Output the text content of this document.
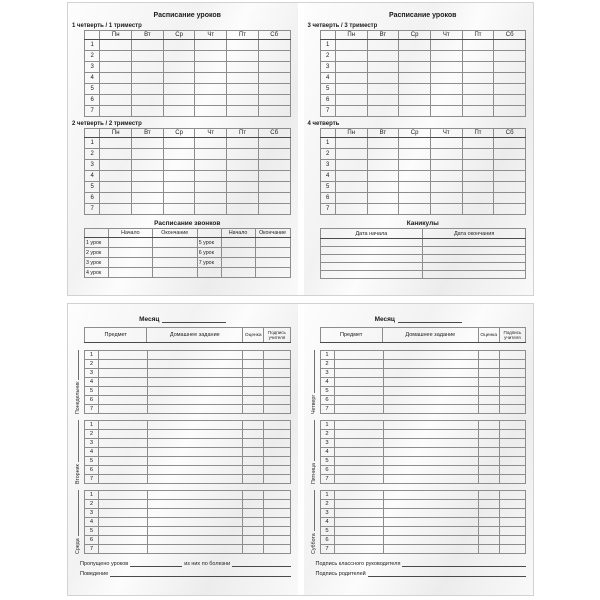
Расписание уроков
1 четверть / 1 триместр
	Пн	Вт	Ср	Чт	Пт	Сб
1						
2						
3						
4						
5						
6						
7						
2 четверть / 2 триместр
	Пн	Вт	Ср	Чт	Пт	Сб
1						
2						
3						
4						
5						
6						
7						
Расписание звонков
	Начало	Окончание		Начало	Окончание
1 урок			5 урок		
2 урок			6 урок		
3 урок			7 урок		
4 урок					
Расписание уроков
3 четверть / 3 триместр
	Пн	Вт	Ср	Чт	Пт	Сб
1						
2						
3						
4						
5						
6						
7						
4 четверть
	Пн	Вт	Ср	Чт	Пт	Сб
1						
2						
3						
4						
5						
6						
7						
Каникулы
Дата начала	Дата окончания

Месяц
Предмет	Домашнее задание	Оценка	
Подпись
учителя
Понедельник
1				
2				
3				
4				
5				
6				
7				
Вторник
1				
2				
3				
4				
5				
6				
7				
Среда
1				
2				
3				
4				
5				
6				
7				
Пропущено уроков	из них по болезни
Поведение
Месяц
Предмет	Домашнее задание	Оценка	
Подпись
учителя
Четверг
1				
2				
3				
4				
5				
6				
7				
Пятница
1				
2				
3				
4				
5				
6				
7				
Суббота
1				
2				
3				
4				
5				
6				
7				
Подпись классного руководителя
Подпись родителей
